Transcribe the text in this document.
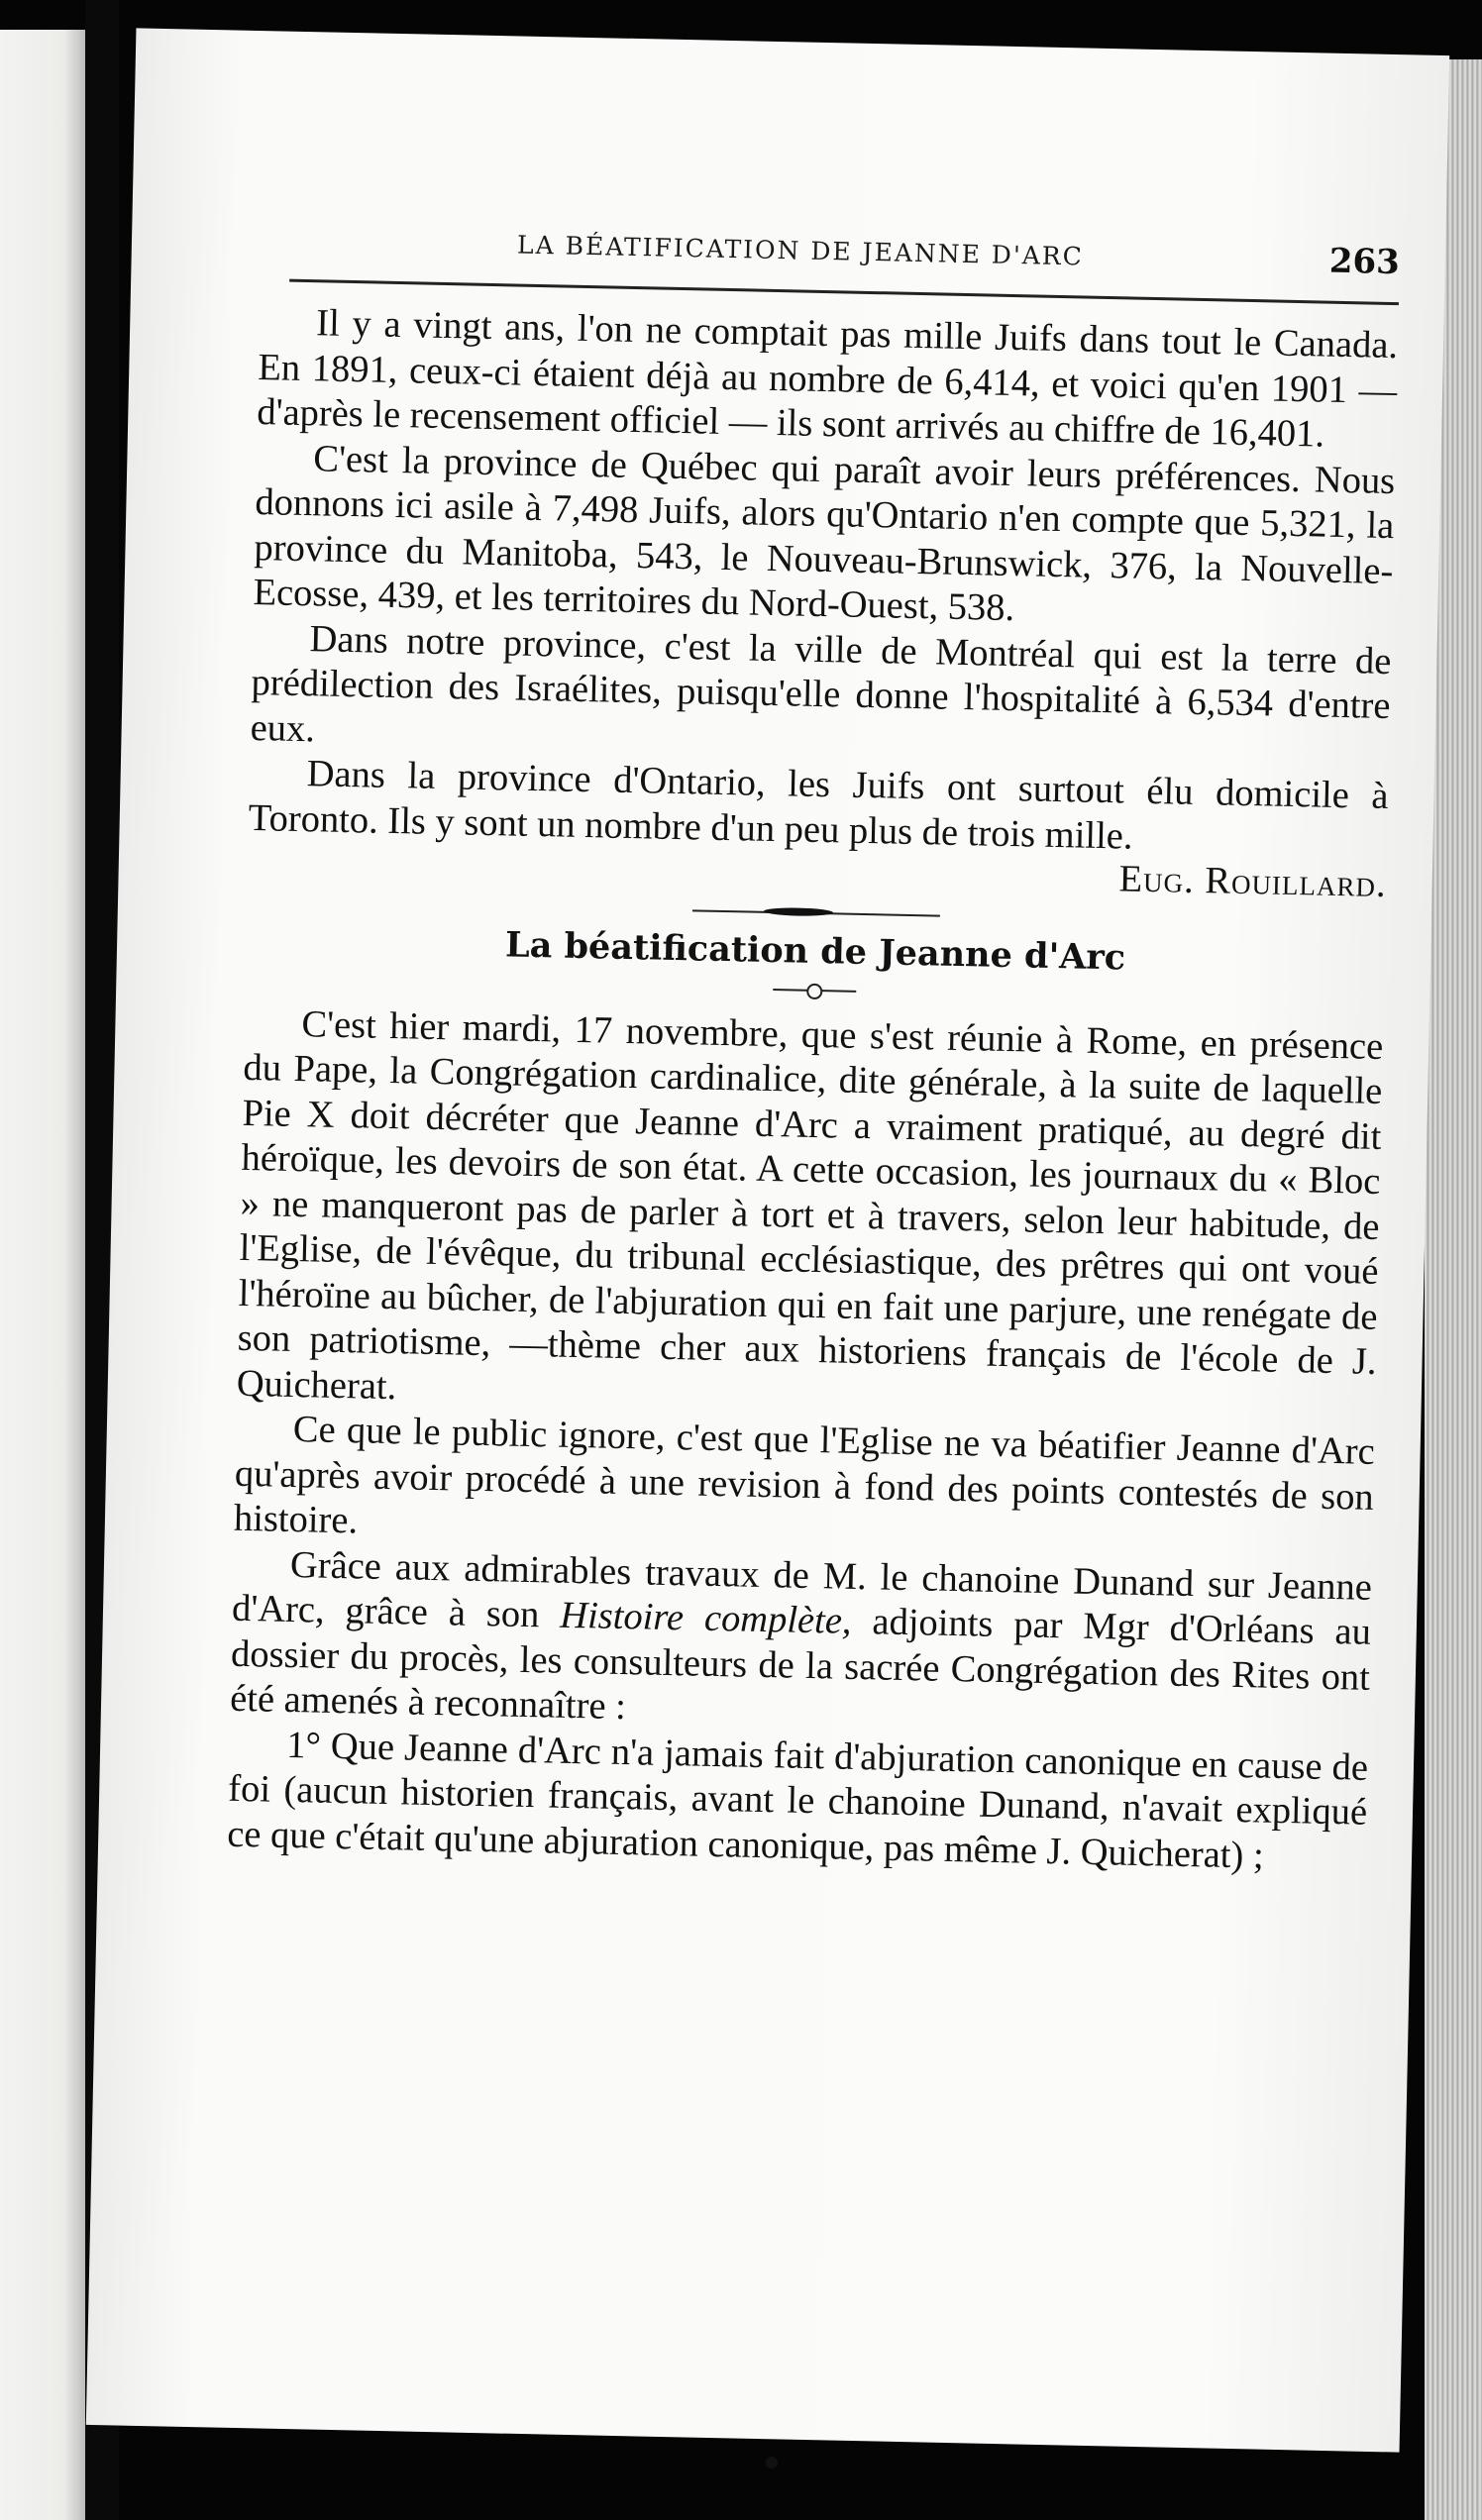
LA BÉATIFICATION DE JEANNE D'ARC	263

Il y a vingt ans, l'on ne comptait pas mille Juifs dans tout le Canada. En 1891, ceux-ci étaient déjà au nombre de 6,414, et voici qu'en 1901 — d'après le recensement officiel — ils sont arrivés au chiffre de 16,401.

C'est la province de Québec qui paraît avoir leurs préférences. Nous donnons ici asile à 7,498 Juifs, alors qu'Ontario n'en compte que 5,321, la province du Manitoba, 543, le Nouveau-Brunswick, 376, la Nouvelle-Ecosse, 439, et les territoires du Nord-Ouest, 538.

Dans notre province, c'est la ville de Montréal qui est la terre de prédilection des Israélites, puisqu'elle donne l'hospitalité à 6,534 d'entre eux.

Dans la province d'Ontario, les Juifs ont surtout élu domicile à Toronto. Ils y sont un nombre d'un peu plus de trois mille.

Eug. Rouillard.
La béatification de Jeanne d'Arc

C'est hier mardi, 17 novembre, que s'est réunie à Rome, en présence du Pape, la Congrégation cardinalice, dite générale, à la suite de laquelle Pie X doit décréter que Jeanne d'Arc a vraiment pratiqué, au degré dit héroïque, les devoirs de son état. A cette occasion, les journaux du « Bloc » ne manqueront pas de parler à tort et à travers, selon leur habitude, de l'Eglise, de l'évêque, du tribunal ecclésiastique, des prêtres qui ont voué l'héroïne au bûcher, de l'abjuration qui en fait une parjure, une renégate de son patriotisme, —thème cher aux historiens français de l'école de J. Quicherat.

Ce que le public ignore, c'est que l'Eglise ne va béatifier Jeanne d'Arc qu'après avoir procédé à une revision à fond des points contestés de son histoire.

Grâce aux admirables travaux de M. le chanoine Dunand sur Jeanne d'Arc, grâce à son Histoire complète, adjoints par Mgr d'Orléans au dossier du procès, les consulteurs de la sacrée Congrégation des Rites ont été amenés à reconnaître :

1° Que Jeanne d'Arc n'a jamais fait d'abjuration canonique en cause de foi (aucun historien français, avant le chanoine Dunand, n'avait expliqué ce que c'était qu'une abjuration canonique, pas même J. Quicherat) ;
